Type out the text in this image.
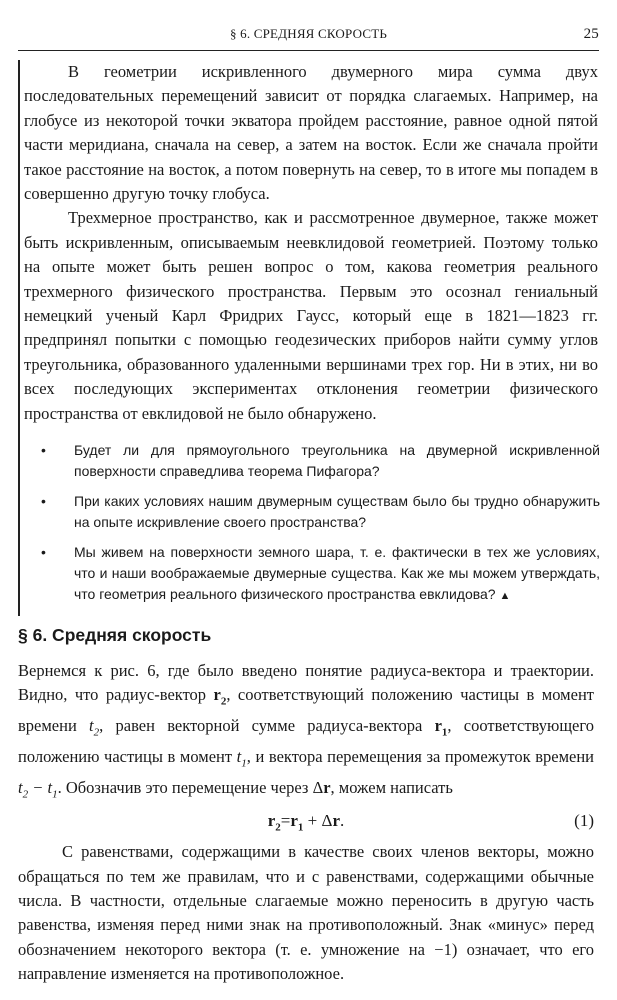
§ 6. СРЕДНЯЯ СКОРОСТЬ	25

В геометрии искривленного двумерного мира сумма двух последовательных перемещений зависит от порядка слагаемых. Например, на глобусе из некоторой точки экватора пройдем расстояние, равное одной пятой части меридиана, сначала на север, а затем на восток. Если же сначала пройти такое расстояние на восток, а потом повернуть на север, то в итоге мы попадем в совершенно другую точку глобуса.

Трехмерное пространство, как и рассмотренное двумерное, также может быть искривленным, описываемым неевклидовой геометрией. Поэтому только на опыте может быть решен вопрос о том, какова геометрия реального трехмерного физического пространства. Первым это осознал гениальный немецкий ученый Карл Фридрих Гаусс, который еще в 1821—1823 гг. предпринял попытки с помощью геодезических приборов найти сумму углов треугольника, образованного удаленными вершинами трех гор. Ни в этих, ни во всех последующих экспериментах отклонения геометрии физического пространства от евклидовой не было обнаружено.

• Будет ли для прямоугольного треугольника на двумерной искривленной поверхности справедлива теорема Пифагора?
• При каких условиях нашим двумерным существам было бы трудно обнаружить на опыте искривление своего пространства?
• Мы живем на поверхности земного шара, т. е. фактически в тех же условиях, что и наши воображаемые двумерные существа. Как же мы можем утверждать, что геометрия реального физического пространства евклидова? ▲
§ 6. Средняя скорость

Вернемся к рис. 6, где было введено понятие радиуса-вектора и траектории. Видно, что радиус-вектор $r_2$, соответствующий положению частицы в момент времени $t_2$, равен векторной сумме радиуса-вектора $r_1$, соответствующего положению частицы в момент $t_1$, и вектора перемещения за промежуток времени $t_2 - t_1$. Обозначив это перемещение через Δr, можем написать

$r_2=r_1 + \Delta r$.	(1)

С равенствами, содержащими в качестве своих членов векторы, можно обращаться по тем же правилам, что и с равенствами, содержащими обычные числа. В частности, отдельные слагаемые можно переносить в другую часть равенства, изменяя перед ними знак на противоположный. Знак «минус» перед обозначением некоторого вектора (т. е. умножение на −1) означает, что его направление изменяется на противоположное.
